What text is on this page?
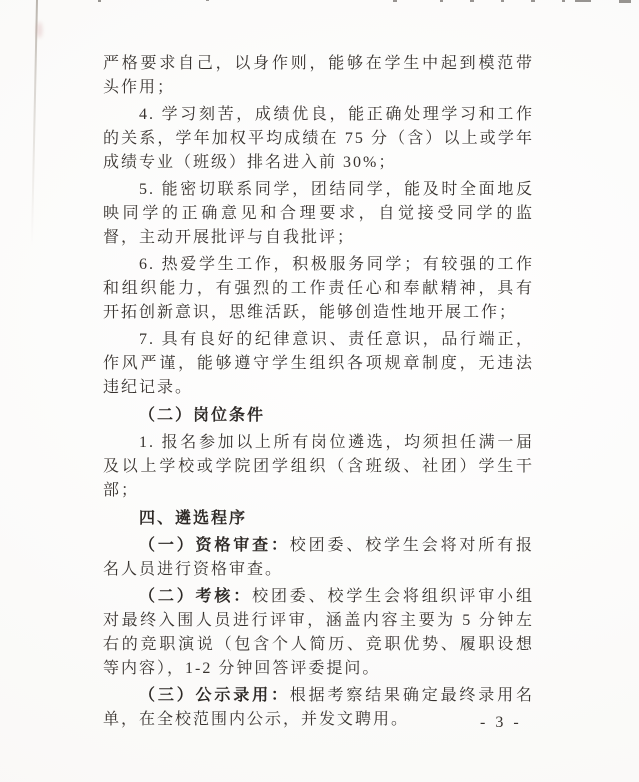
严格要求自己，以身作则，能够在学生中起到模范带头作用；

4. 学习刻苦，成绩优良，能正确处理学习和工作的关系，学年加权平均成绩在 75 分（含）以上或学年成绩专业（班级）排名进入前 30%；

5. 能密切联系同学，团结同学，能及时全面地反映同学的正确意见和合理要求，自觉接受同学的监督，主动开展批评与自我批评；

6. 热爱学生工作，积极服务同学；有较强的工作和组织能力，有强烈的工作责任心和奉献精神，具有开拓创新意识，思维活跃，能够创造性地开展工作；

7. 具有良好的纪律意识、责任意识，品行端正，作风严谨，能够遵守学生组织各项规章制度，无违法违纪记录。

（二）岗位条件

1. 报名参加以上所有岗位遴选，均须担任满一届及以上学校或学院团学组织（含班级、社团）学生干部；

四、遴选程序

（一）资格审查：校团委、校学生会将对所有报名人员进行资格审查。

（二）考核：校团委、校学生会将组织评审小组对最终入围人员进行评审，涵盖内容主要为 5 分钟左右的竞职演说（包含个人简历、竞职优势、履职设想等内容），1-2 分钟回答评委提问。

（三）公示录用：根据考察结果确定最终录用名单，在全校范围内公示，并发文聘用。	- 3 -
